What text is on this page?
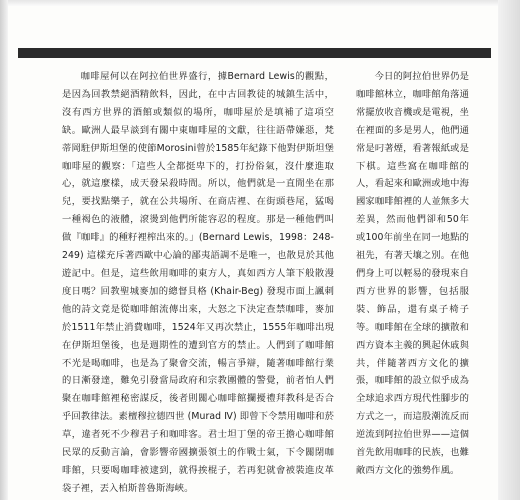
咖啡屋何以在阿拉伯世界盛行，據Bernard Lewis的觀點，是因為回教禁絕酒精飲料，因此，在中古回教徒的城鎮生活中，沒有西方世界的酒館或類似的場所，咖啡屋於是填補了這項空缺。歐洲人最早談到有關中東咖啡屋的文獻，往往語帶嫌惡，梵蒂岡駐伊斯坦堡的使節Morosini曾於1585年紀錄下他對伊斯坦堡咖啡屋的觀察：「這些人全都挺卑下的，打扮俗氣，沒什麼進取心，就這麼樣，成天發呆殺時間。所以，他們就是一直閒坐在那兒，要找點樂子，就在公共場所、在商店裡、在街頭巷尾，猛喝一種褐色的液體，滾燙到他們所能容忍的程度。那是一種他們叫做『咖啡』的種籽裡榨出來的。」(Bernard Lewis，1998：248-249) 這樣充斥著西歐中心論的鄙夷語調不是唯一，也散見於其他遊記中。但是，這些飲用咖啡的東方人，真如西方人筆下般散漫度日嗎？回教聖城麥加的總督貝格 (Khair-Beg) 發現市面上諷刺他的詩文竟是從咖啡館流傳出來，大怒之下決定查禁咖啡，麥加於1511年禁止消費咖啡，1524年又再次禁止，1555年咖啡出現在伊斯坦堡後，也是週期性的遭到官方的禁止。人們到了咖啡館不光是喝咖啡，也是為了聚會交流，暢言爭辯，隨著咖啡館行業的日漸發達，難免引發當局政府和宗教團體的警覺，前者怕人們聚在咖啡館裡秘密謀反，後者則關心咖啡館攔擾禮拜教科是否合乎回教律法。素檀穆拉德四世 (Murad Ⅳ) 即曾下令禁用咖啡和菸草，違者死不少穆君子和咖啡客。君士坦丁堡的帝王擔心咖啡館民眾的反動言論，會影響帝國擴張領土的作戰士氣，下令關閉咖啡館，只要喝咖啡被逮到，就得挨棍子，若再犯就會被裝進皮革袋子裡，丟入柏斯普魯斯海峽。

今日的阿拉伯世界仍是咖啡館林立，咖啡館角落通常擺放收音機或是電視，坐在裡面的多是男人，他們通常是叼著煙，看著報紙或是下棋。這些窩在咖啡館的人，看起來和歐洲或地中海國家咖啡館裡的人並無多大差異，然而他們卻和50年或100年前坐在同一地點的祖先，有著天壤之別。在他們身上可以輕易的發現來自西方世界的影響，包括服裝、飾品，還有桌子椅子等。咖啡館在全球的擴散和西方資本主義的興起休戚與共，伴隨著西方文化的擴張，咖啡館的設立似乎成為全球追求西方現代性腳步的方式之一，而這股潮流反而逆流到阿拉伯世界——這個首先飲用咖啡的民族，也難敵西方文化的強勢作風。
